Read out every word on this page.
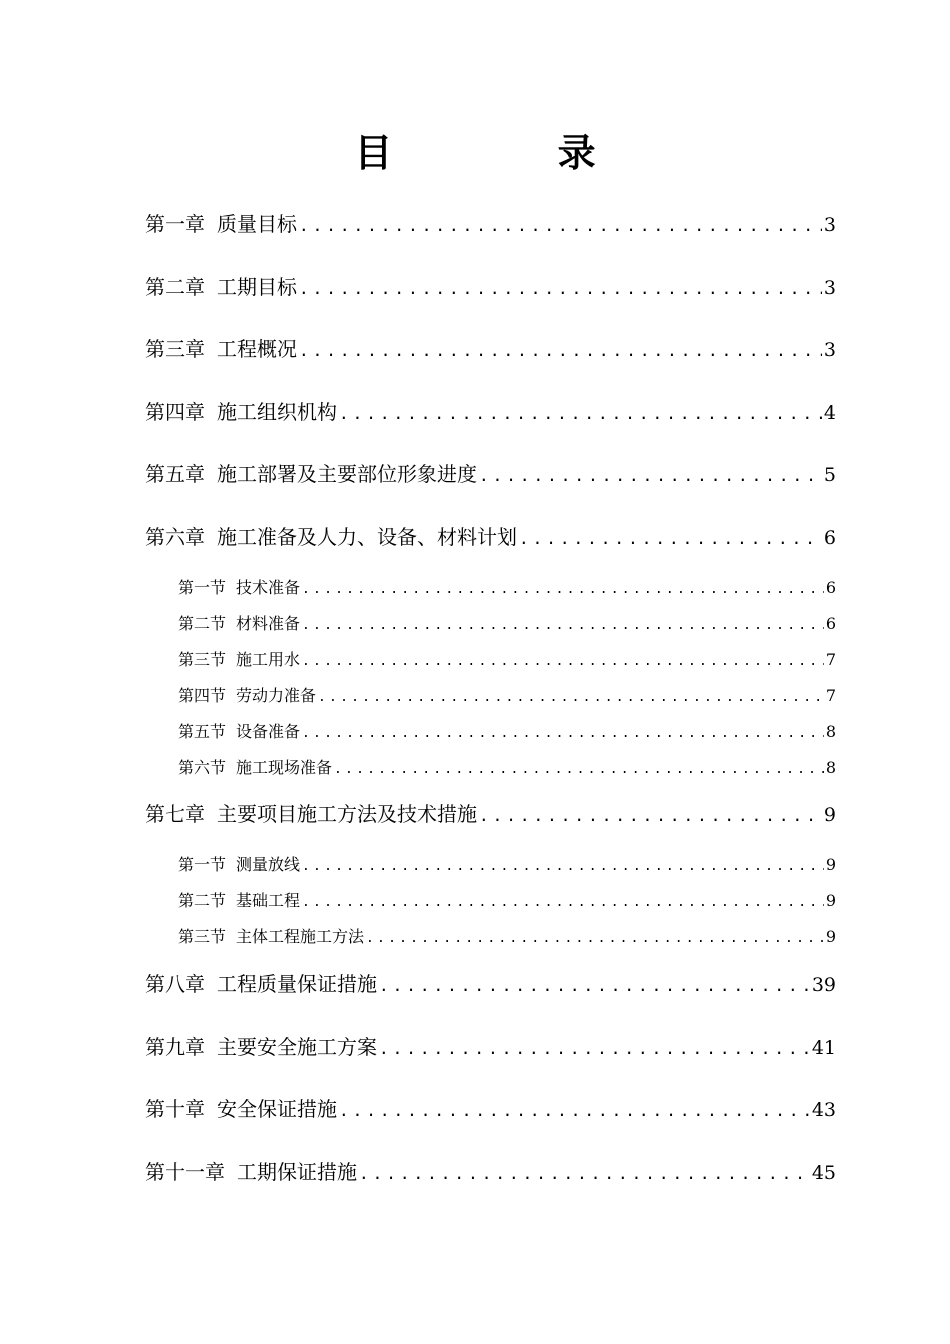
目 录
第一章 质量目标 .....	3
第二章 工期目标 .....	3
第三章 工程概况 .....	3
第四章 施工组织机构 .....	4
第五章 施工部署及主要部位形象进度 .....	5
第六章 施工准备及人力、设备、材料计划 .....	6
第一节 技术准备 .....	6
第二节 材料准备 .....	6
第三节 施工用水 .....	7
第四节 劳动力准备 .....	7
第五节 设备准备 .....	8
第六节 施工现场准备 .....	8
第七章 主要项目施工方法及技术措施 .....	9
第一节 测量放线 .....	9
第二节 基础工程 .....	9
第三节 主体工程施工方法 .....	9
第八章 工程质量保证措施 .....	39
第九章 主要安全施工方案 .....	41
第十章 安全保证措施 .....	43
第十一章 工期保证措施 .....	45
